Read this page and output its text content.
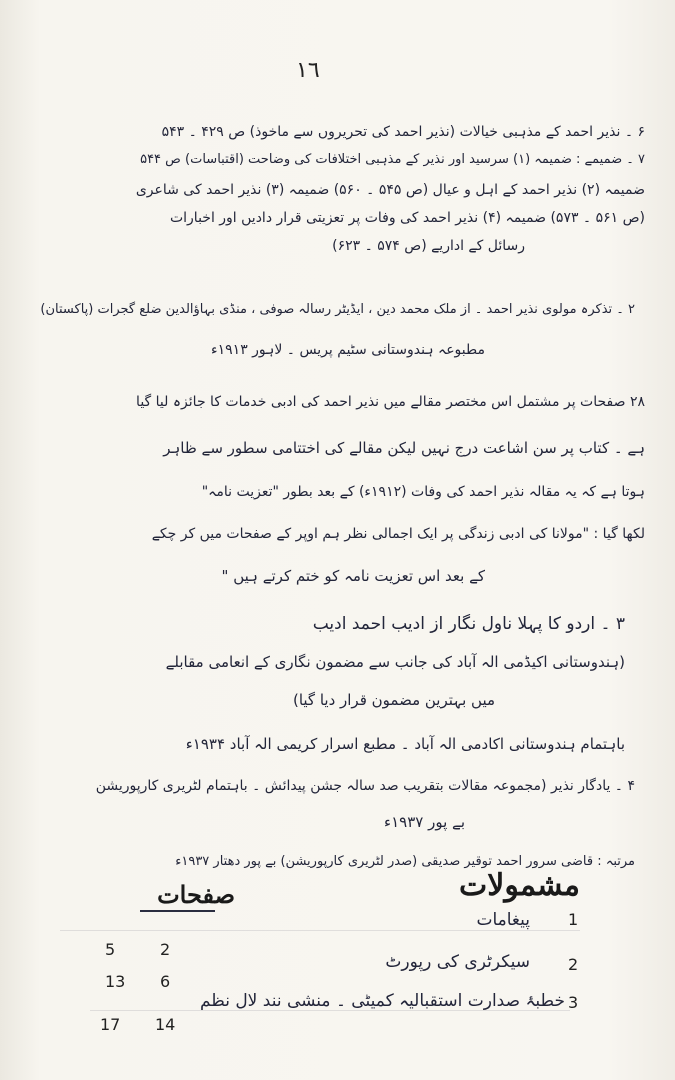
١٦
۶ ۔ نذیر احمد کے مذہبی خیالات (نذیر احمد کی تحریروں سے ماخوذ) ص ۴۲۹ ۔ ۵۴۳
۷ ۔ ضمیمے : ضمیمہ (۱) سرسید اور نذیر کے مذہبی اختلافات کی وضاحت (اقتباسات) ص ۵۴۴
ضمیمہ (۲) نذیر احمد کے اہل و عیال (ص ۵۴۵ ۔ ۵۶۰) ضمیمہ (۳) نذیر احمد کی شاعری
(ص ۵۶۱ ۔ ۵۷۳) ضمیمہ (۴) نذیر احمد کی وفات پر تعزیتی قرار دادیں اور اخبارات
رسائل کے اداریے (ص ۵۷۴ ۔ ۶۲۳)
۲ ۔ تذکرہ مولوی نذیر احمد ۔ از ملک محمد دین ، ایڈیٹر رسالہ صوفی ، منڈی بہاؤالدین ضلع گجرات (پاکستان)
مطبوعہ ہندوستانی سٹیم پریس ۔ لاہور ۱۹۱۳ء
۲۸ صفحات پر مشتمل اس مختصر مقالے میں نذیر احمد کی ادبی خدمات کا جائزہ لیا گیا
ہے ۔ کتاب پر سن اشاعت درج نہیں لیکن مقالے کی اختتامی سطور سے ظاہر
ہوتا ہے کہ یہ مقالہ نذیر احمد کی وفات (۱۹۱۲ء) کے بعد بطور "تعزیت نامہ"
لکھا گیا : "مولانا کی ادبی زندگی پر ایک اجمالی نظر ہم اوپر کے صفحات میں کر چکے
کے بعد اس تعزیت نامہ کو ختم کرتے ہیں "
۳ ۔ اردو کا پہلا ناول نگار از ادیب احمد ادیب
(ہندوستانی اکیڈمی الہ آباد کی جانب سے مضمون نگاری کے انعامی مقابلے
میں بہترین مضمون قرار دیا گیا)
باہتمام ہندوستانی اکادمی الہ آباد ۔ مطبع اسرار کریمی الہ آباد ۱۹۳۴ء
۴ ۔ یادگار نذیر (مجموعہ مقالات بتقریب صد سالہ جشن پیدائش ۔ باہتمام لٹریری کارپوریشن
بے پور ۱۹۳۷ء
مرتبہ : قاضی سرور احمد توقیر صدیقی (صدر لٹریری کارپوریشن) بے پور دھتار ۱۹۳۷ء
مشمولات
صفحات
1
پیغامات
2
سیکرٹری کی رپورٹ
2
5
3
خطبۂ صدارت استقبالیہ کمیٹی ۔ منشی نند لال نظم
6
13
14
17
